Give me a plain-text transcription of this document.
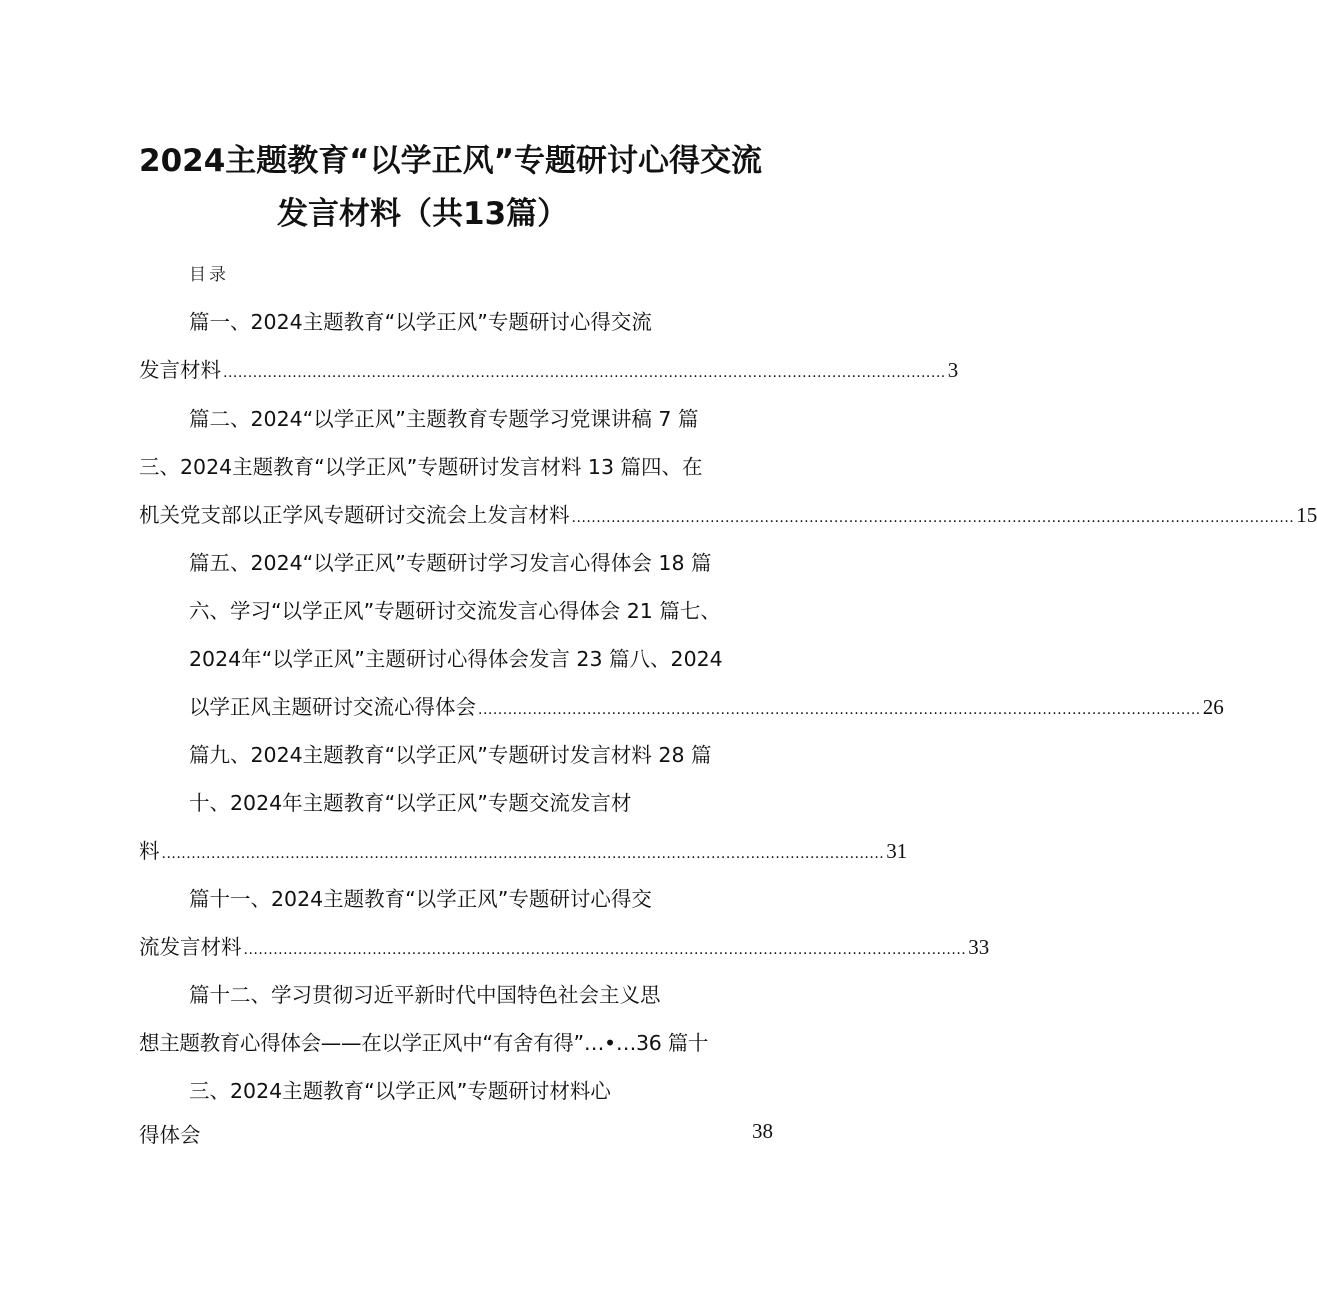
2024主题教育“以学正风”专题研讨心得交流
发言材料（共13篇）
目录
篇一、2024主题教育“以学正风”专题研讨心得交流
发言材料 .................................................................................................................................................. 3
篇二、2024“以学正风”主题教育专题学习党课讲稿 7 篇
三、2024主题教育“以学正风”专题研讨发言材料 13 篇四、在
机关党支部以正学风专题研讨交流会上发言材料 .................................................................................................................................................. 15
篇五、2024“以学正风”专题研讨学习发言心得体会 18 篇
六、学习“以学正风”专题研讨交流发言心得体会 21 篇七、
2024年“以学正风”主题研讨心得体会发言 23 篇八、2024
以学正风主题研讨交流心得体会 .................................................................................................................................................. 26
篇九、2024主题教育“以学正风”专题研讨发言材料 28 篇
十、2024年主题教育“以学正风”专题交流发言材
料 .................................................................................................................................................. 31
篇十一、2024主题教育“以学正风”专题研讨心得交
流发言材料 .................................................................................................................................................. 33
篇十二、学习贯彻习近平新时代中国特色社会主义思
想主题教育心得体会——在以学正风中“有舍有得”…•…36 篇十
三、2024主题教育“以学正风”专题研讨材料心
得体会	38
